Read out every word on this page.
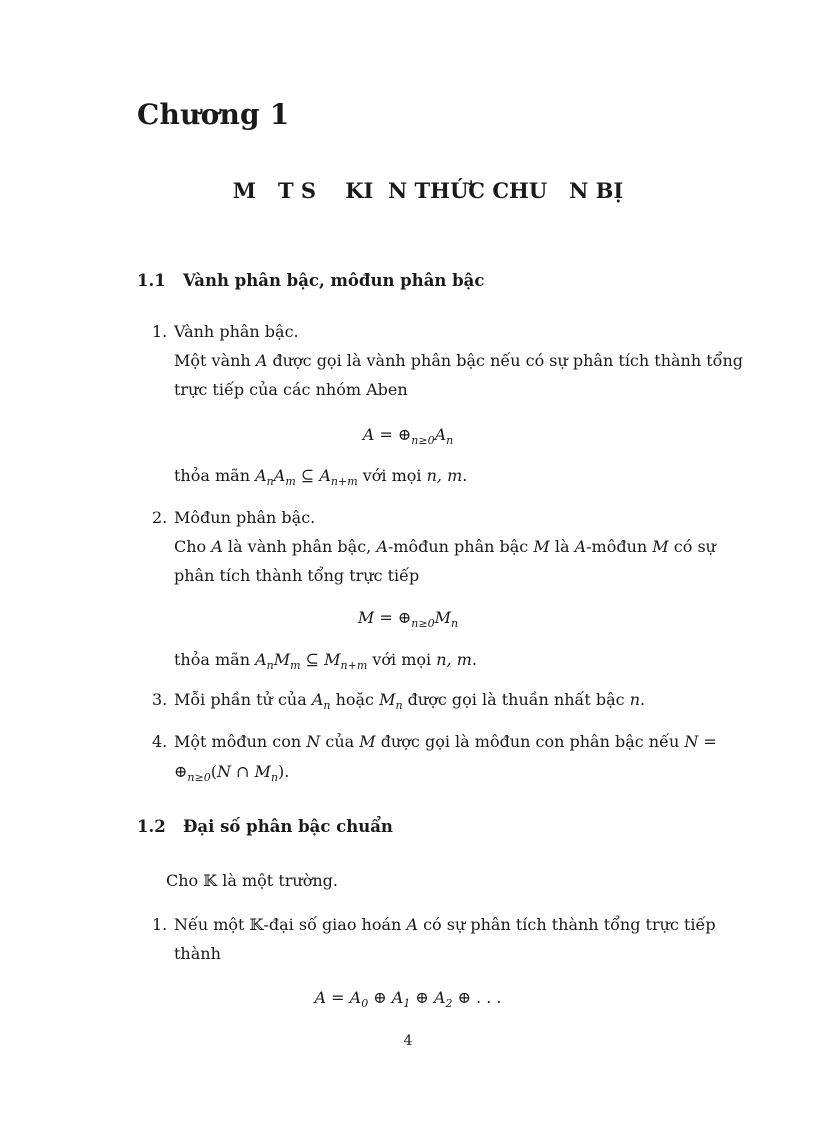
Chương 1
M   T S    KI  N THỨC CHU   N BỊ
1.1 Vành phân bậc, môđun phân bậc
1. Vành phân bậc.
Một vành A được gọi là vành phân bậc nếu có sự phân tích thành tổng
trực tiếp của các nhóm Aben
$A = \oplus_{n\ge 0}A_n$
thỏa mãn $A_nA_m$ ⊆ $A_{n+m}$ với mọi n, m.
2. Môđun phân bậc.
Cho A là vành phân bậc, A-môđun phân bậc M là A-môđun M có sự
phân tích thành tổng trực tiếp
$M = \oplus_{n\ge 0}M_n$
thỏa mãn $A_nM_m$ ⊆ $M_{n+m}$ với mọi n, m.
3. Mỗi phần tử của $A_n$ hoặc $M_n$ được gọi là thuần nhất bậc n.
4. Một môđun con N của M được gọi là môđun con phân bậc nếu N =
$\oplus_{n\ge 0}(N$ ∩ $M_n$).
1.2 Đại số phân bậc chuẩn
Cho 𝕂 là một trường.
1. Nếu một 𝕂-đại số giao hoán A có sự phân tích thành tổng trực tiếp
thành
$A = A_0$ ⊕ $A_1$ ⊕ $A_2$ ⊕ . . .
4
